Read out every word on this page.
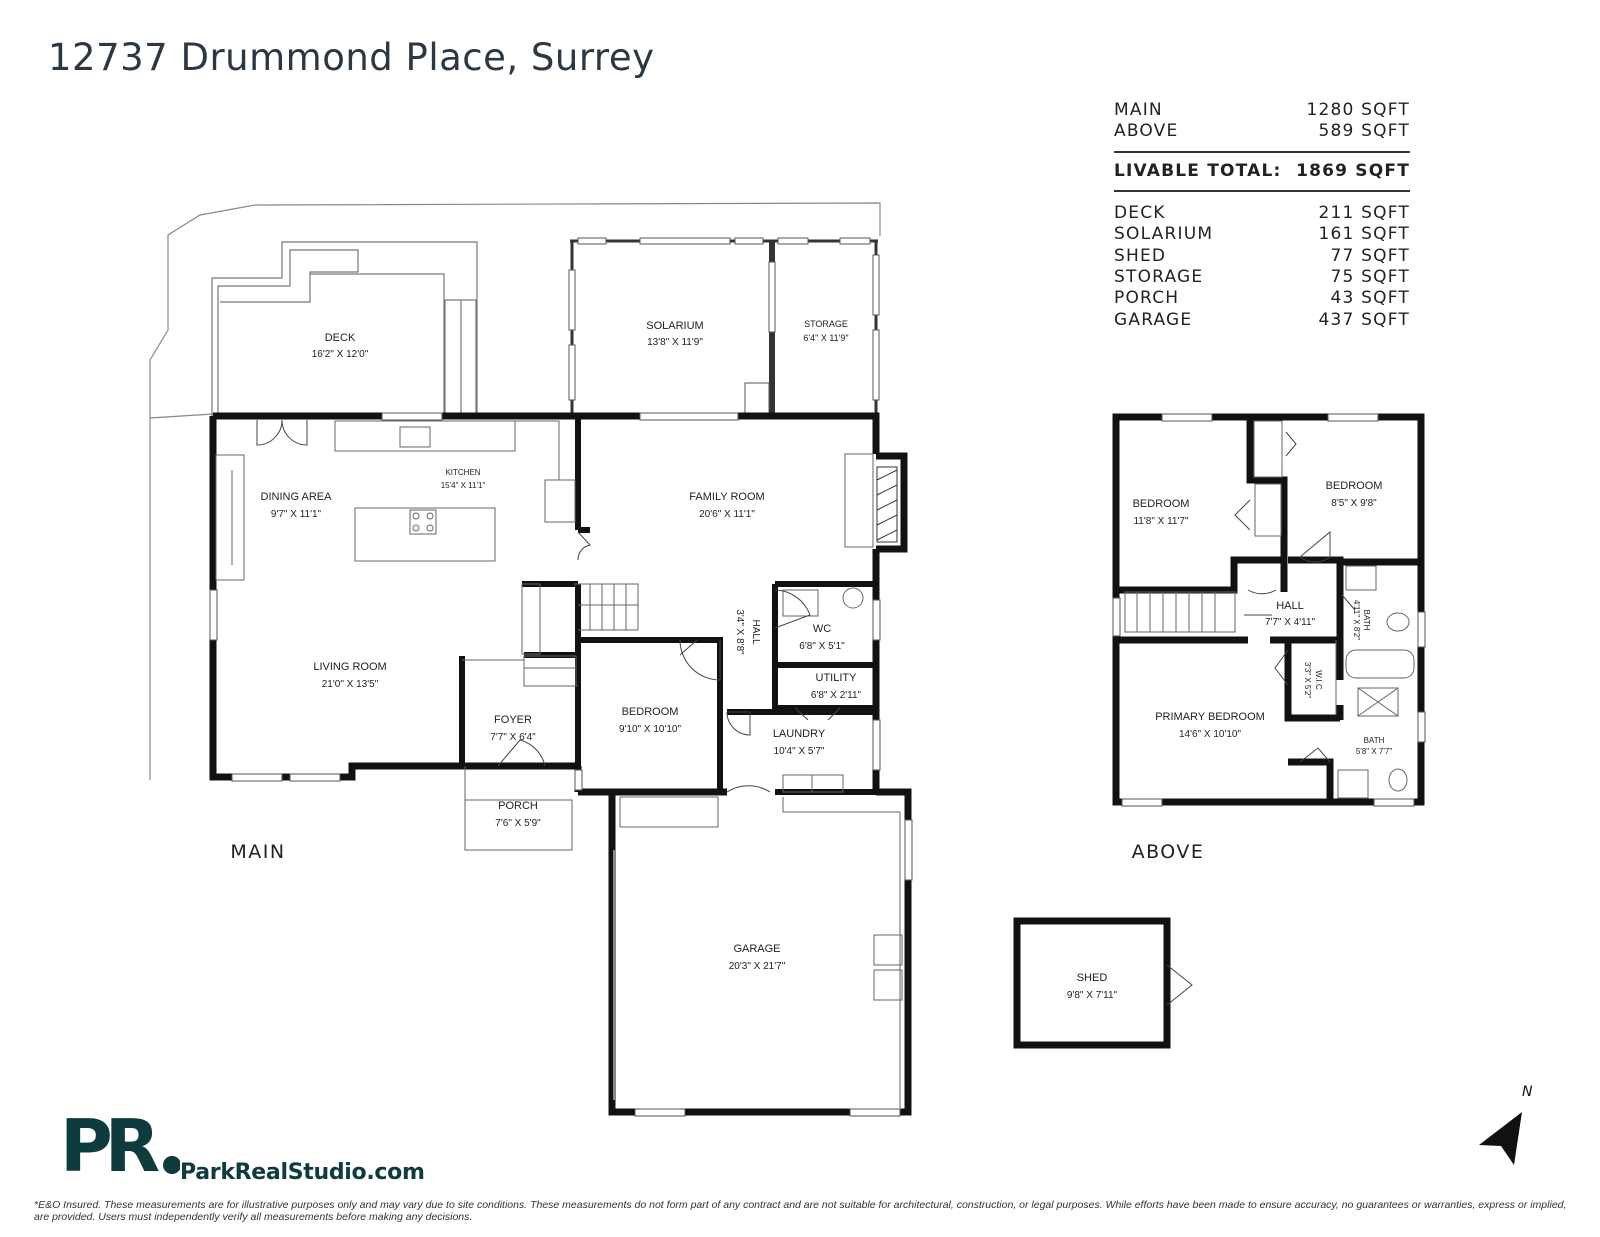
12737 Drummond Place, Surrey
MAIN	1280 SQFT
ABOVE	589 SQFT
LIVABLE TOTAL: 1869 SQFT
DECK	211 SQFT
SOLARIUM	161 SQFT
SHED	77 SQFT
STORAGE	75 SQFT
PORCH	43 SQFT
GARAGE	437 SQFT
DECK
16'2" X 12'0"
SOLARIUM
13'8" X 11'9"
STORAGE
6'4" X 11'9"
DINING AREA
9'7" X 11'1"
KITCHEN
15'4" X 11'1"
FAMILY ROOM
20'6" X 11'1"
LIVING ROOM
21'0" X 13'5"
HALL
3'4" X 8'8"	WC
6'8" X 5'1"
UTILITY
6'8" X 2'11"
FOYER
7'7" X 6'4"
BEDROOM
9'10" X 10'10"	LAUNDRY
10'4" X 5'7"
PORCH
7'6" X 5'9"
GARAGE
20'3" X 21'7"
BEDROOM
11'8" X 11'7"
BEDROOM
8'5" X 9'8"
HALL
7'7" X 4'11"	BATH
4'11" X 8'2"
W.I.C
3'3" X 5'2"
PRIMARY BEDROOM
14'6" X 10'10"
BATH
5'8" X 7'7"
SHED
9'8" X 7'11"
MAIN	ABOVE
N
PR ParkRealStudio.com
*E&O Insured. These measurements are for illustrative purposes only and may vary due to site conditions. These measurements do not form part of any contract and are not suitable for architectural, construction, or legal purposes. While efforts have been made to ensure accuracy, no guarantees or warranties, express or implied, are provided. Users must independently verify all measurements before making any decisions.
